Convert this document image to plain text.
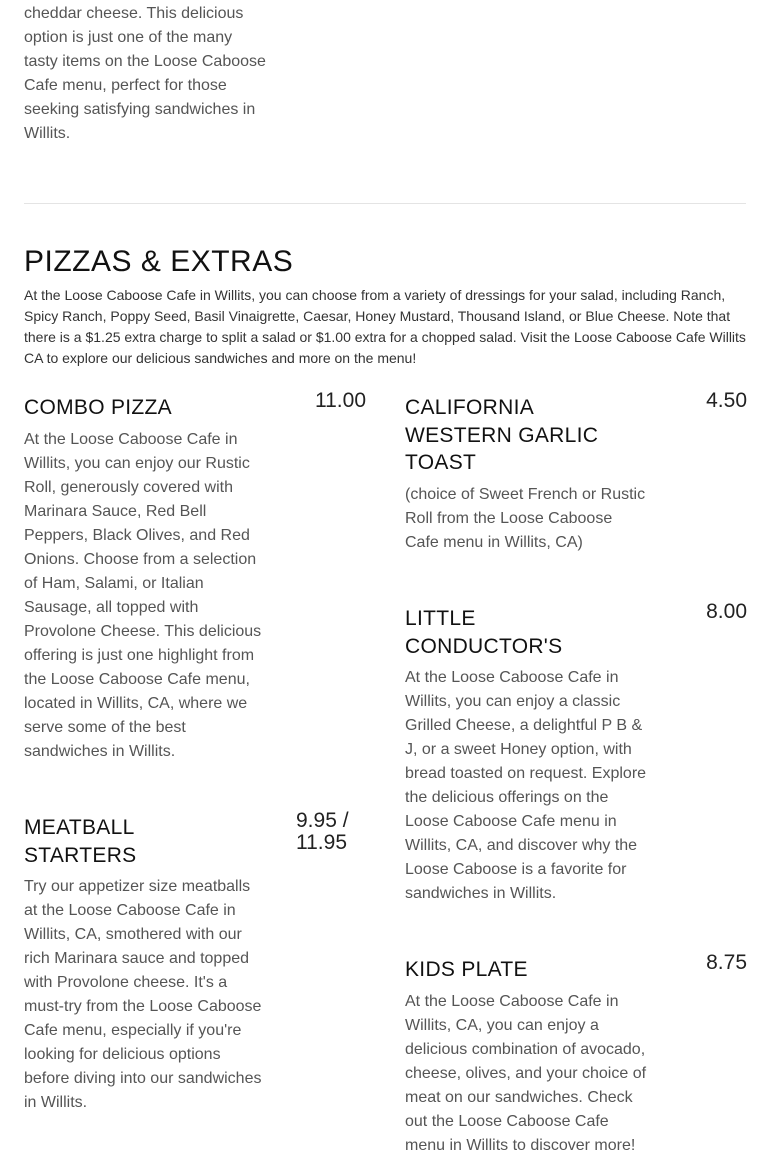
cheddar cheese. This delicious option is just one of the many tasty items on the Loose Caboose Cafe menu, perfect for those seeking satisfying sandwiches in Willits.

PIZZAS & EXTRAS

At the Loose Caboose Cafe in Willits, you can choose from a variety of dressings for your salad, including Ranch, Spicy Ranch, Poppy Seed, Basil Vinaigrette, Caesar, Honey Mustard, Thousand Island, or Blue Cheese. Note that there is a $1.25 extra charge to split a salad or $1.00 extra for a chopped salad. Visit the Loose Caboose Cafe Willits CA to explore our delicious sandwiches and more on the menu!

COMBO PIZZA	11.00

At the Loose Caboose Cafe in Willits, you can enjoy our Rustic Roll, generously covered with Marinara Sauce, Red Bell Peppers, Black Olives, and Red Onions. Choose from a selection of Ham, Salami, or Italian Sausage, all topped with Provolone Cheese. This delicious offering is just one highlight from the Loose Caboose Cafe menu, located in Willits, CA, where we serve some of the best sandwiches in Willits.

MEATBALL STARTERS
9.95 / 11.95

Try our appetizer size meatballs at the Loose Caboose Cafe in Willits, CA, smothered with our rich Marinara sauce and topped with Provolone cheese. It's a must-try from the Loose Caboose Cafe menu, especially if you're looking for delicious options before diving into our sandwiches in Willits.

CALIFORNIA WESTERN GARLIC TOAST
4.50

(choice of Sweet French or Rustic Roll from the Loose Caboose Cafe menu in Willits, CA)

LITTLE CONDUCTOR'S
8.00

At the Loose Caboose Cafe in Willits, you can enjoy a classic Grilled Cheese, a delightful P B & J, or a sweet Honey option, with bread toasted on request. Explore the delicious offerings on the Loose Caboose Cafe menu in Willits, CA, and discover why the Loose Caboose is a favorite for sandwiches in Willits.

KIDS PLATE	8.75

At the Loose Caboose Cafe in Willits, CA, you can enjoy a delicious combination of avocado, cheese, olives, and your choice of meat on our sandwiches. Check out the Loose Caboose Cafe menu in Willits to discover more!
